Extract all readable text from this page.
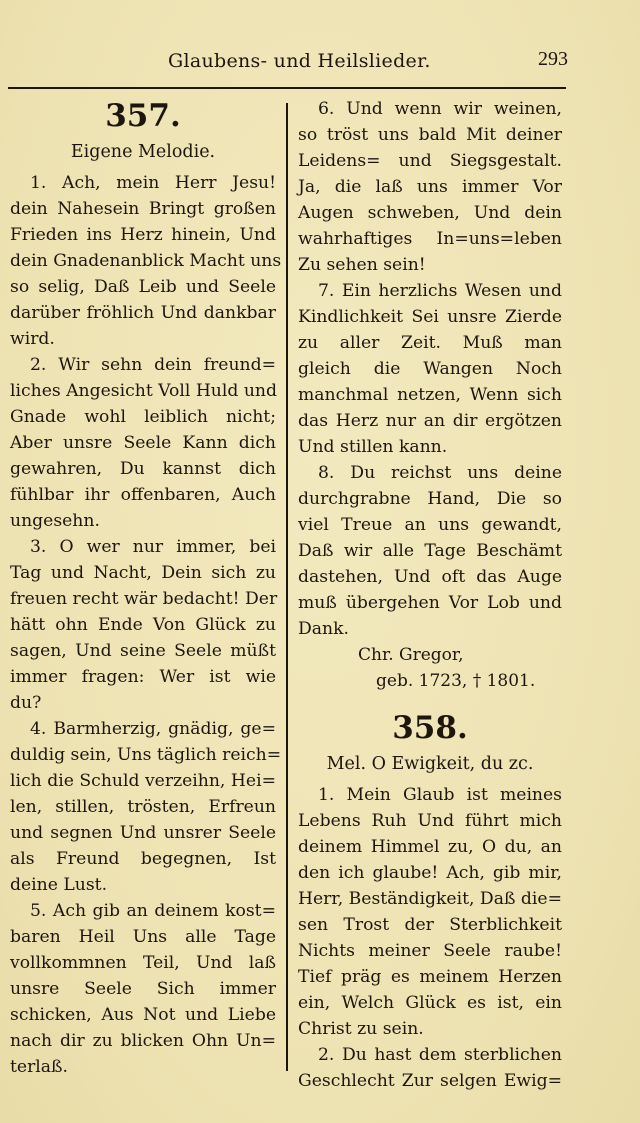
Glaubens- und Heilslieder.	293
357.
Eigene Melodie.
1. Ach, mein Herr Jesu!
dein Nahesein Bringt großen
Frieden ins Herz hinein, Und
dein Gnadenanblick Macht uns
so selig, Daß Leib und Seele
darüber fröhlich Und dankbar
wird.
2. Wir sehn dein freund=
liches Angesicht Voll Huld und
Gnade wohl leiblich nicht;
Aber unsre Seele Kann dich
gewahren, Du kannst dich
fühlbar ihr offenbaren, Auch
ungesehn.
3. O wer nur immer, bei
Tag und Nacht, Dein sich zu
freuen recht wär bedacht! Der
hätt ohn Ende Von Glück zu
sagen, Und seine Seele müßt
immer fragen: Wer ist wie
du?
4. Barmherzig, gnädig, ge=
duldig sein, Uns täglich reich=
lich die Schuld verzeihn, Hei=
len, stillen, trösten, Erfreun
und segnen Und unsrer Seele
als Freund begegnen, Ist
deine Lust.
5. Ach gib an deinem kost=
baren Heil Uns alle Tage
vollkommnen Teil, Und laß
unsre Seele Sich immer
schicken, Aus Not und Liebe
nach dir zu blicken Ohn Un=
terlaß.
6. Und wenn wir weinen,
so tröst uns bald Mit deiner
Leidens= und Siegsgestalt.
Ja, die laß uns immer Vor
Augen schweben, Und dein
wahrhaftiges In=uns=leben
Zu sehen sein!
7. Ein herzlichs Wesen und
Kindlichkeit Sei unsre Zierde
zu aller Zeit. Muß man
gleich die Wangen Noch
manchmal netzen, Wenn sich
das Herz nur an dir ergötzen
Und stillen kann.
8. Du reichst uns deine
durchgrabne Hand, Die so
viel Treue an uns gewandt,
Daß wir alle Tage Beschämt
dastehen, Und oft das Auge
muß übergehen Vor Lob und
Dank.
Chr. Gregor,
geb. 1723, † 1801.
358.
Mel. O Ewigkeit, du zc.
1. Mein Glaub ist meines
Lebens Ruh Und führt mich
deinem Himmel zu, O du, an
den ich glaube! Ach, gib mir,
Herr, Beständigkeit, Daß die=
sen Trost der Sterblichkeit
Nichts meiner Seele raube!
Tief präg es meinem Herzen
ein, Welch Glück es ist, ein
Christ zu sein.
2. Du hast dem sterblichen
Geschlecht Zur selgen Ewig=
